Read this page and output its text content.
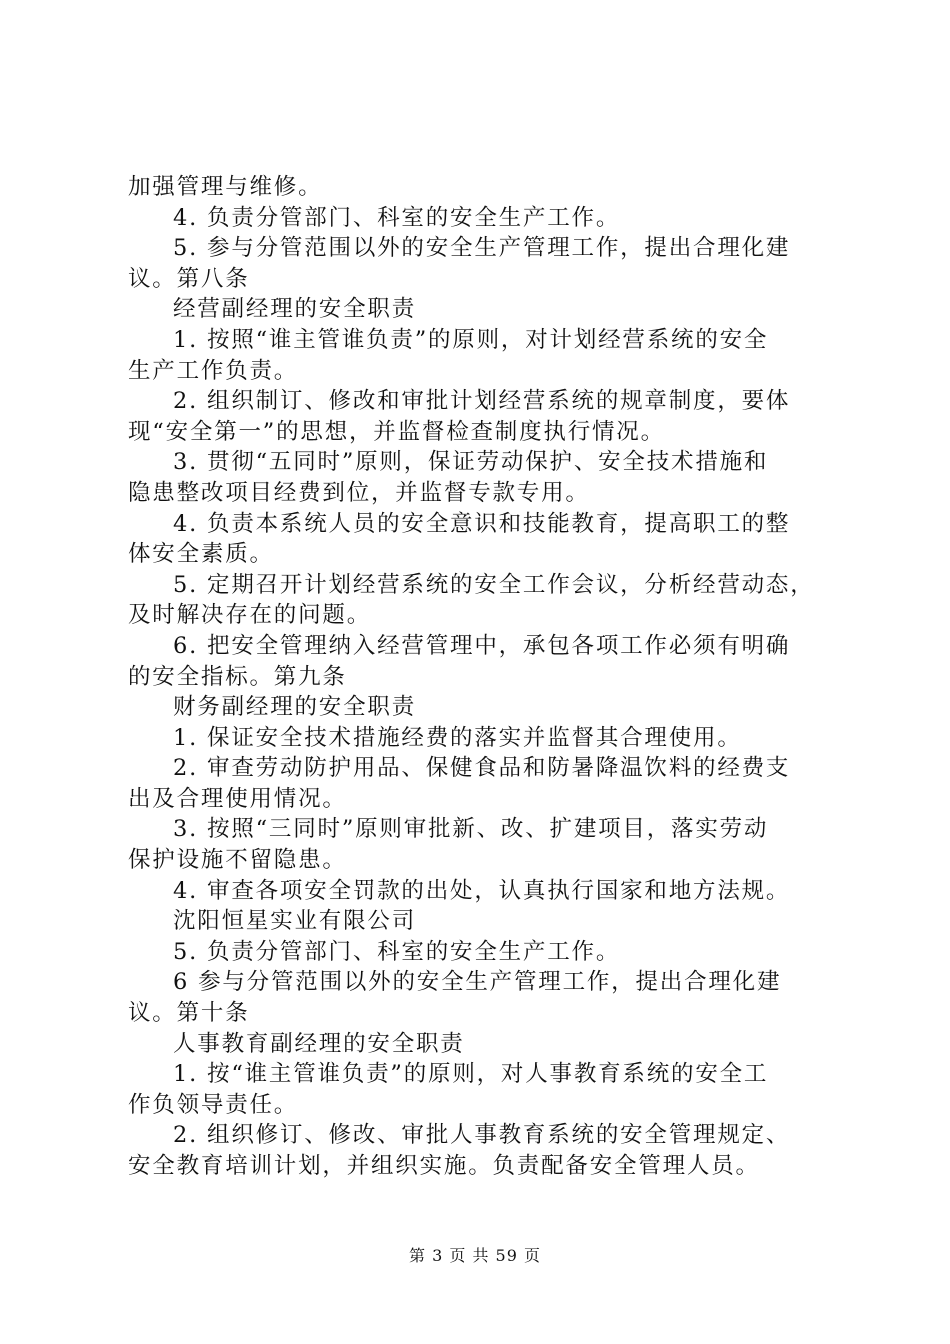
加强管理与维修。

4. 负责分管部门、科室的安全生产工作。

5. 参与分管范围以外的安全生产管理工作，提出合理化建

议。第八条

经营副经理的安全职责

1. 按照“谁主管谁负责”的原则，对计划经营系统的安全

生产工作负责。

2. 组织制订、修改和审批计划经营系统的规章制度，要体

现“安全第一”的思想，并监督检查制度执行情况。

3. 贯彻“五同时”原则，保证劳动保护、安全技术措施和

隐患整改项目经费到位，并监督专款专用。

4. 负责本系统人员的安全意识和技能教育，提高职工的整

体安全素质。

5. 定期召开计划经营系统的安全工作会议，分析经营动态，

及时解决存在的问题。

6. 把安全管理纳入经营管理中，承包各项工作必须有明确

的安全指标。第九条

财务副经理的安全职责

1. 保证安全技术措施经费的落实并监督其合理使用。

2. 审查劳动防护用品、保健食品和防暑降温饮料的经费支

出及合理使用情况。

3. 按照“三同时”原则审批新、改、扩建项目，落实劳动

保护设施不留隐患。

4. 审查各项安全罚款的出处，认真执行国家和地方法规。

沈阳恒星实业有限公司

5. 负责分管部门、科室的安全生产工作。

6 参与分管范围以外的安全生产管理工作，提出合理化建

议。第十条

人事教育副经理的安全职责

1. 按“谁主管谁负责”的原则，对人事教育系统的安全工

作负领导责任。

2. 组织修订、修改、审批人事教育系统的安全管理规定、

安全教育培训计划，并组织实施。负责配备安全管理人员。

第 3 页 共 59 页
